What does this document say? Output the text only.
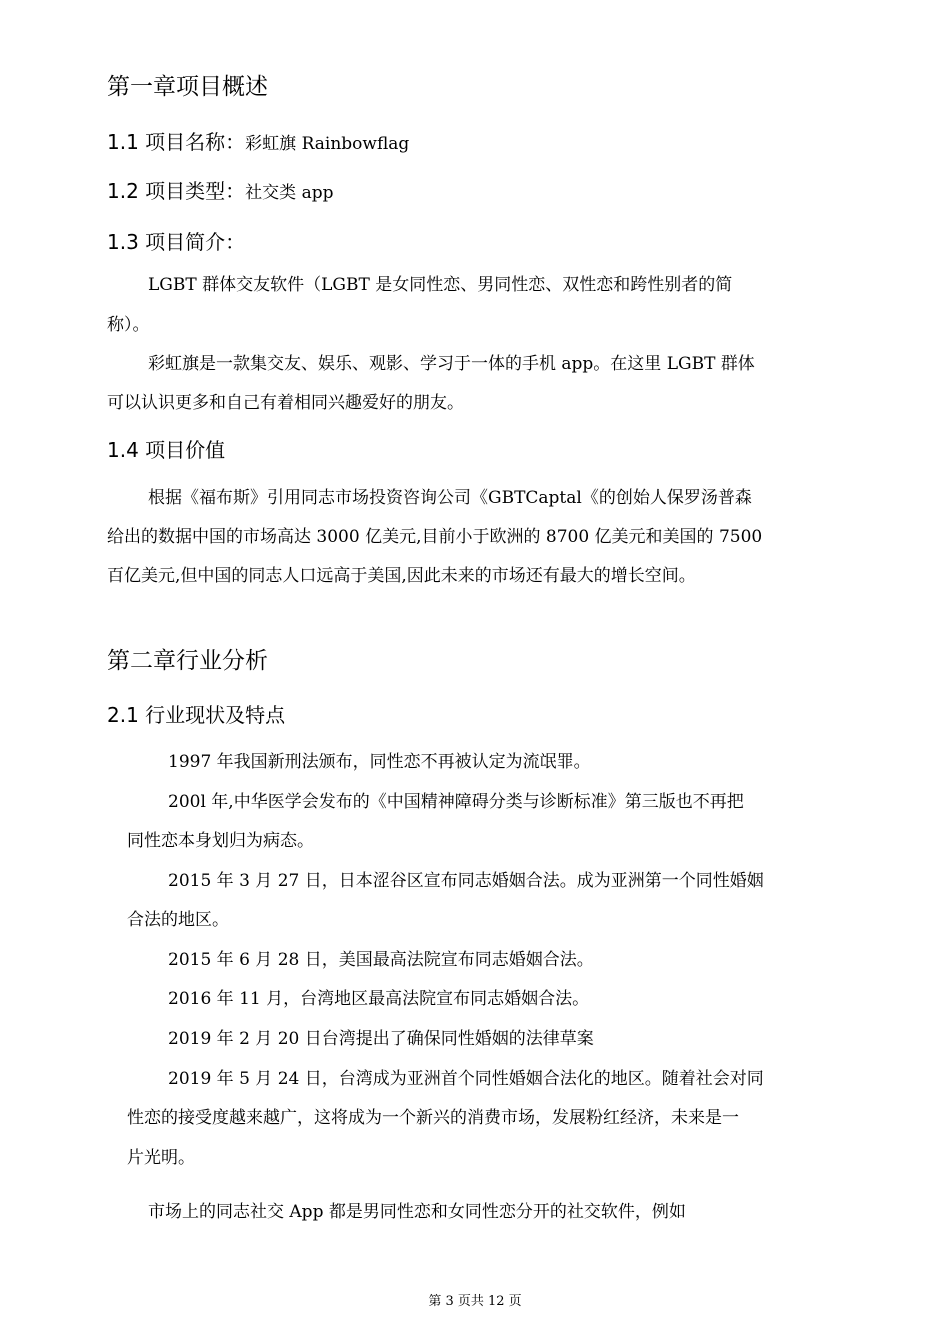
第一章项目概述
1.1 项目名称：彩虹旗 Rainbowflag
1.2 项目类型：社交类 app
1.3 项目简介：
LGBT 群体交友软件（LGBT 是女同性恋、男同性恋、双性恋和跨性别者的简
称）。
彩虹旗是一款集交友、娱乐、观影、学习于一体的手机 app。在这里 LGBT 群体
可以认识更多和自己有着相同兴趣爱好的朋友。
1.4 项目价值
根据《福布斯》引用同志市场投资咨询公司《GBTCaptal《的创始人保罗汤普森
给出的数据中国的市场高达 3000 亿美元,目前小于欧洲的 8700 亿美元和美国的 7500
百亿美元,但中国的同志人口远高于美国,因此未来的市场还有最大的增长空间。
第二章行业分析
2.1 行业现状及特点
1997 年我国新刑法颁布，同性恋不再被认定为流氓罪。
200l 年,中华医学会发布的《中国精神障碍分类与诊断标准》第三版也不再把
同性恋本身划归为病态。
2015 年 3 月 27 日，日本涩谷区宣布同志婚姻合法。成为亚洲第一个同性婚姻
合法的地区。
2015 年 6 月 28 日，美国最高法院宣布同志婚姻合法。
2016 年 11 月，台湾地区最高法院宣布同志婚姻合法。
2019 年 2 月 20 日台湾提出了确保同性婚姻的法律草案
2019 年 5 月 24 日，台湾成为亚洲首个同性婚姻合法化的地区。随着社会对同
性恋的接受度越来越广，这将成为一个新兴的消费市场，发展粉红经济，未来是一
片光明。
市场上的同志社交 App 都是男同性恋和女同性恋分开的社交软件，例如
第 3 页共 12 页
